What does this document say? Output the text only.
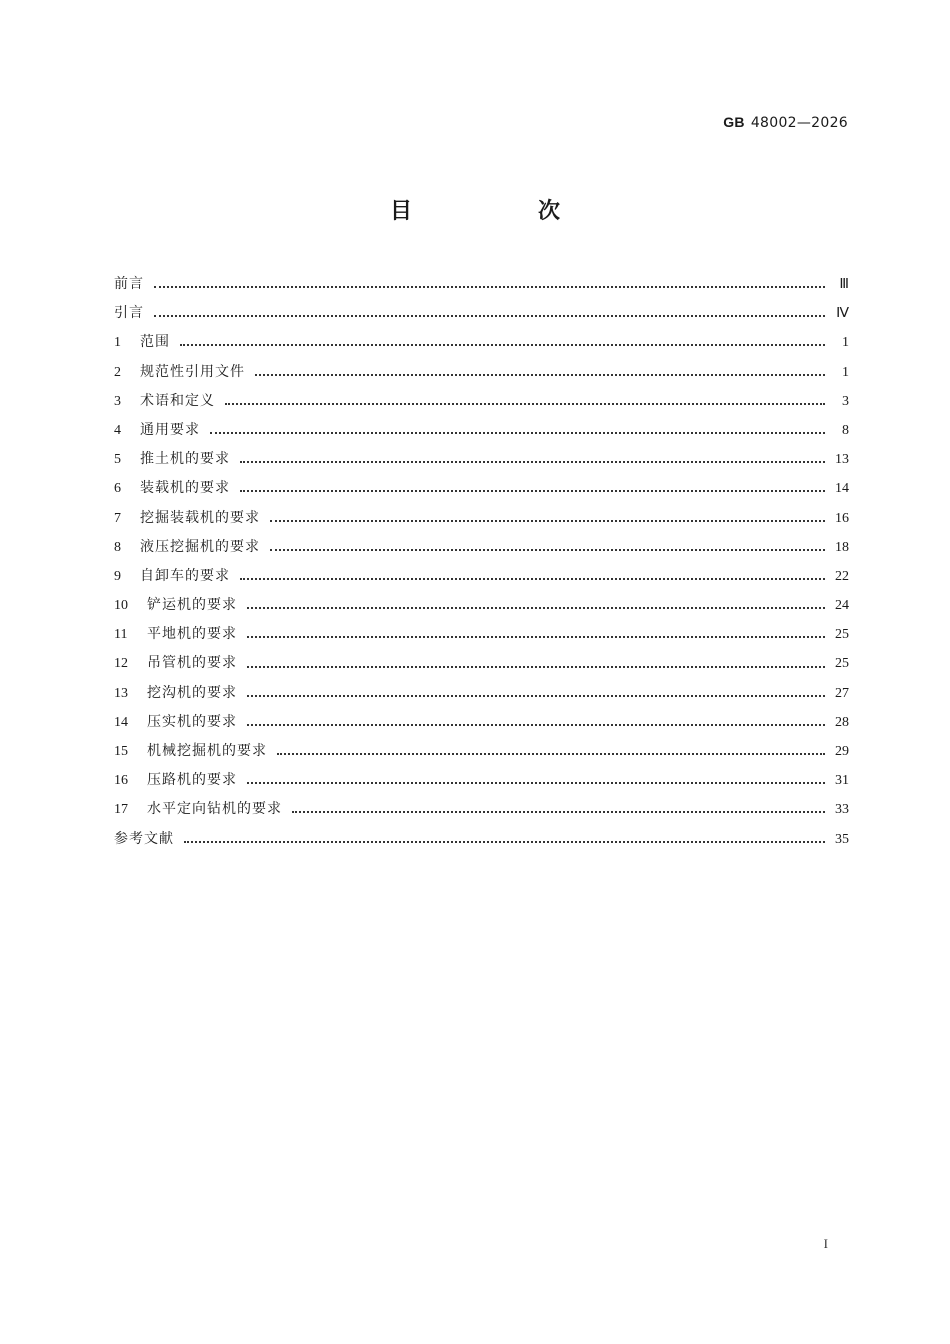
GB 48002—2026
目　次
前言	Ⅲ
引言	Ⅳ
1	范围	1
2	规范性引用文件	1
3	术语和定义	3
4	通用要求	8
5	推土机的要求	13
6	装载机的要求	14
7	挖掘装载机的要求	16
8	液压挖掘机的要求	18
9	自卸车的要求	22
10	铲运机的要求	24
11	平地机的要求	25
12	吊管机的要求	25
13	挖沟机的要求	27
14	压实机的要求	28
15	机械挖掘机的要求	29
16	压路机的要求	31
17	水平定向钻机的要求	33
参考文献	35
I
